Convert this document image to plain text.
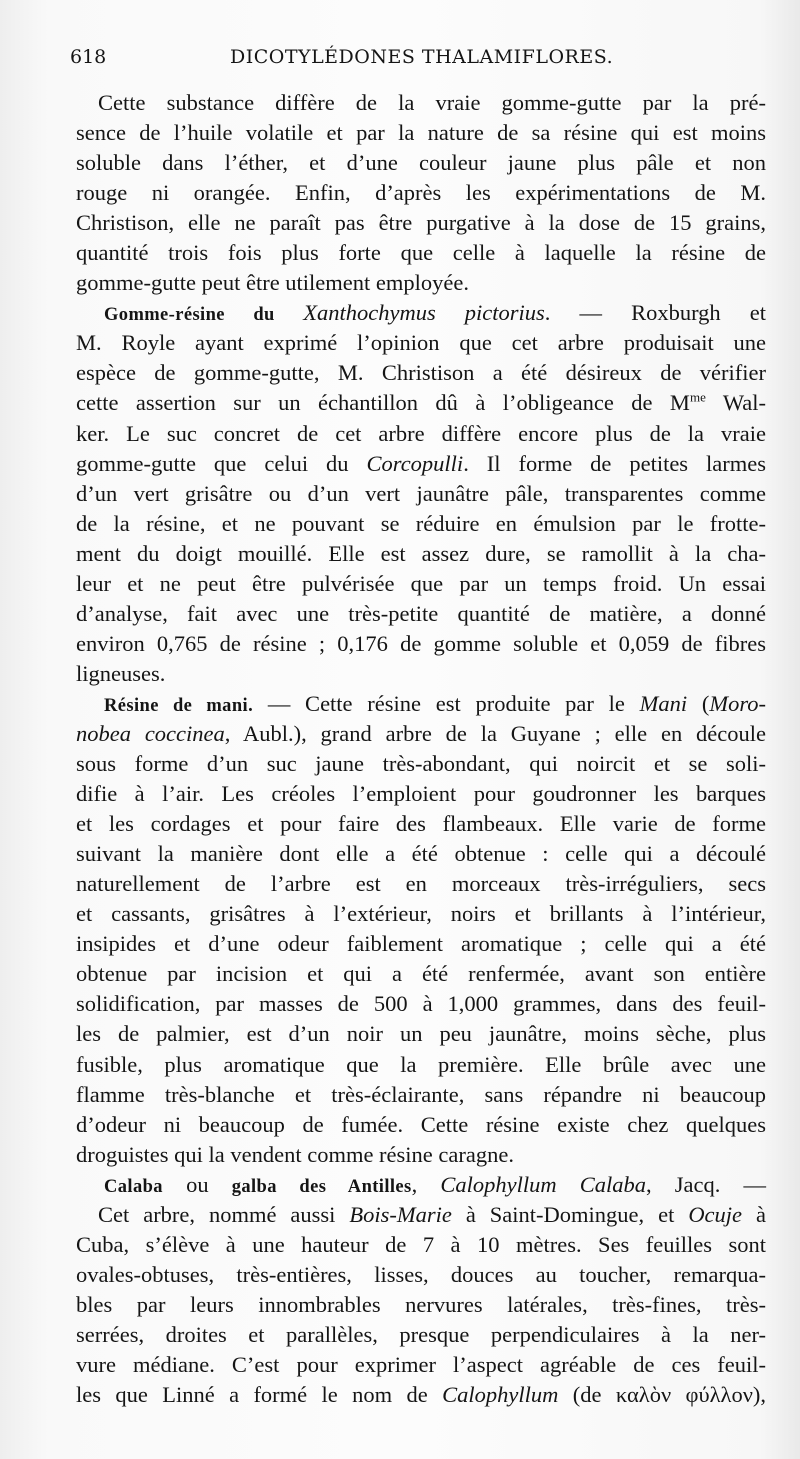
618	DICOTYLÉDONES THALAMIFLORES.
Cette substance diffère de la vraie gomme-gutte par la pré-
sence de l’huile volatile et par la nature de sa résine qui est moins
soluble dans l’éther, et d’une couleur jaune plus pâle et non
rouge ni orangée. Enfin, d’après les expérimentations de M.
Christison, elle ne paraît pas être purgative à la dose de 15 grains,
quantité trois fois plus forte que celle à laquelle la résine de
gomme-gutte peut être utilement employée.
Gomme-résine du Xanthochymus pictorius. — Roxburgh et
M. Royle ayant exprimé l’opinion que cet arbre produisait une
espèce de gomme-gutte, M. Christison a été désireux de vérifier
cette assertion sur un échantillon dû à l’obligeance de $M^{me}$ Wal-
ker. Le suc concret de cet arbre diffère encore plus de la vraie
gomme-gutte que celui du Corcopulli. Il forme de petites larmes
d’un vert grisâtre ou d’un vert jaunâtre pâle, transparentes comme
de la résine, et ne pouvant se réduire en émulsion par le frotte-
ment du doigt mouillé. Elle est assez dure, se ramollit à la cha-
leur et ne peut être pulvérisée que par un temps froid. Un essai
d’analyse, fait avec une très-petite quantité de matière, a donné
environ 0,765 de résine ; 0,176 de gomme soluble et 0,059 de fibres
ligneuses.
Résine de mani. — Cette résine est produite par le Mani (Moro-
nobea coccinea, Aubl.), grand arbre de la Guyane ; elle en découle
sous forme d’un suc jaune très-abondant, qui noircit et se soli-
difie à l’air. Les créoles l’emploient pour goudronner les barques
et les cordages et pour faire des flambeaux. Elle varie de forme
suivant la manière dont elle a été obtenue : celle qui a découlé
naturellement de l’arbre est en morceaux très-irréguliers, secs
et cassants, grisâtres à l’extérieur, noirs et brillants à l’intérieur,
insipides et d’une odeur faiblement aromatique ; celle qui a été
obtenue par incision et qui a été renfermée, avant son entière
solidification, par masses de 500 à 1,000 grammes, dans des feuil-
les de palmier, est d’un noir un peu jaunâtre, moins sèche, plus
fusible, plus aromatique que la première. Elle brûle avec une
flamme très-blanche et très-éclairante, sans répandre ni beaucoup
d’odeur ni beaucoup de fumée. Cette résine existe chez quelques
droguistes qui la vendent comme résine caragne.
Calaba ou galba des Antilles, Calophyllum Calaba, Jacq. —
Cet arbre, nommé aussi Bois-Marie à Saint-Domingue, et Ocuje à
Cuba, s’élève à une hauteur de 7 à 10 mètres. Ses feuilles sont
ovales-obtuses, très-entières, lisses, douces au toucher, remarqua-
bles par leurs innombrables nervures latérales, très-fines, très-
serrées, droites et parallèles, presque perpendiculaires à la ner-
vure médiane. C’est pour exprimer l’aspect agréable de ces feuil-
les que Linné a formé le nom de Calophyllum (de καλὸν φύλλον),
